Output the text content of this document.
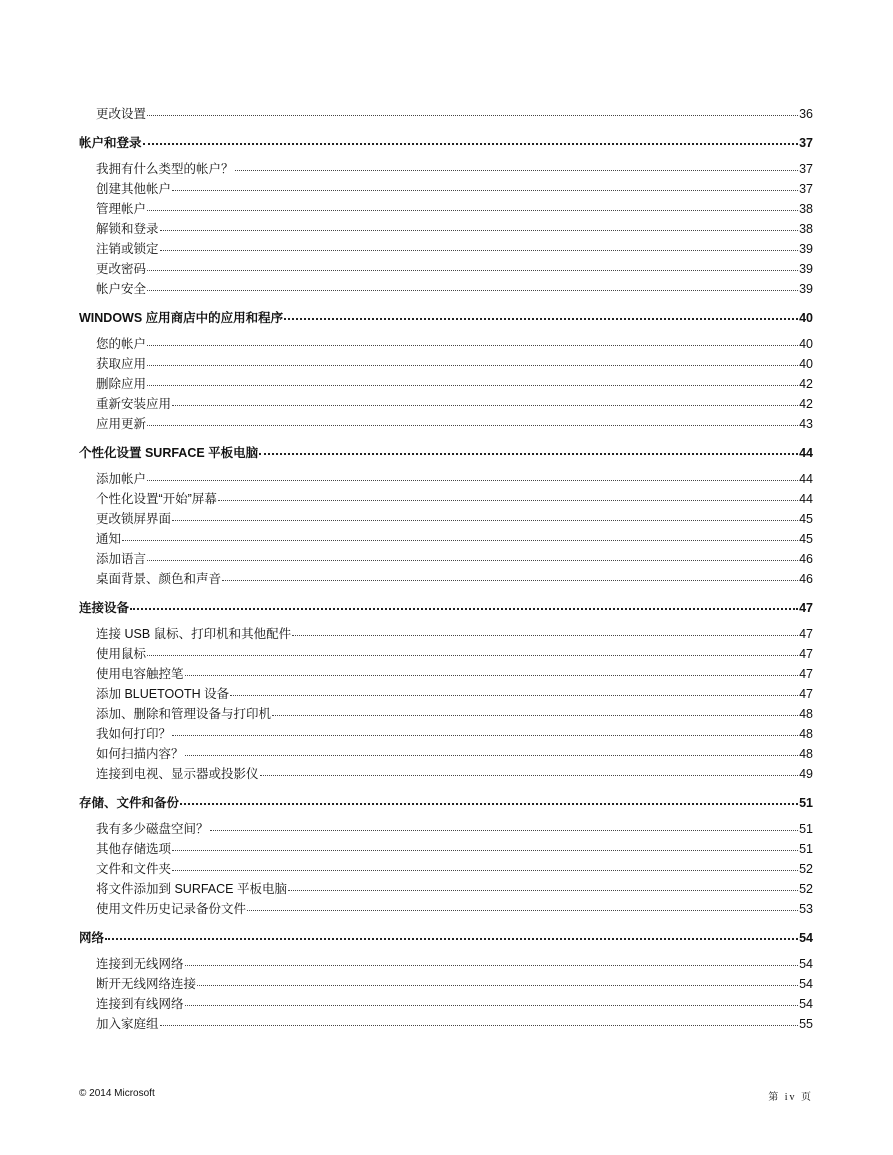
更改设置	36
帐户和登录	37
我拥有什么类型的帐户？	37
创建其他帐户	37
管理帐户	38
解锁和登录	38
注销或锁定	39
更改密码	39
帐户安全	39
WINDOWS 应用商店中的应用和程序	40
您的帐户	40
获取应用	40
删除应用	42
重新安装应用	42
应用更新	43
个性化设置 SURFACE 平板电脑	44
添加帐户	44
个性化设置“开始”屏幕	44
更改锁屏界面	45
通知	45
添加语言	46
桌面背景、颜色和声音	46
连接设备	47
连接 USB 鼠标、打印机和其他配件	47
使用鼠标	47
使用电容触控笔	47
添加 BLUETOOTH 设备	47
添加、删除和管理设备与打印机	48
我如何打印？	48
如何扫描内容？	48
连接到电视、显示器或投影仪	49
存储、文件和备份	51
我有多少磁盘空间？	51
其他存储选项	51
文件和文件夹	52
将文件添加到 SURFACE 平板电脑	52
使用文件历史记录备份文件	53
网络	54
连接到无线网络	54
断开无线网络连接	54
连接到有线网络	54
加入家庭组	55
© 2014 Microsoft	第 iv 页
